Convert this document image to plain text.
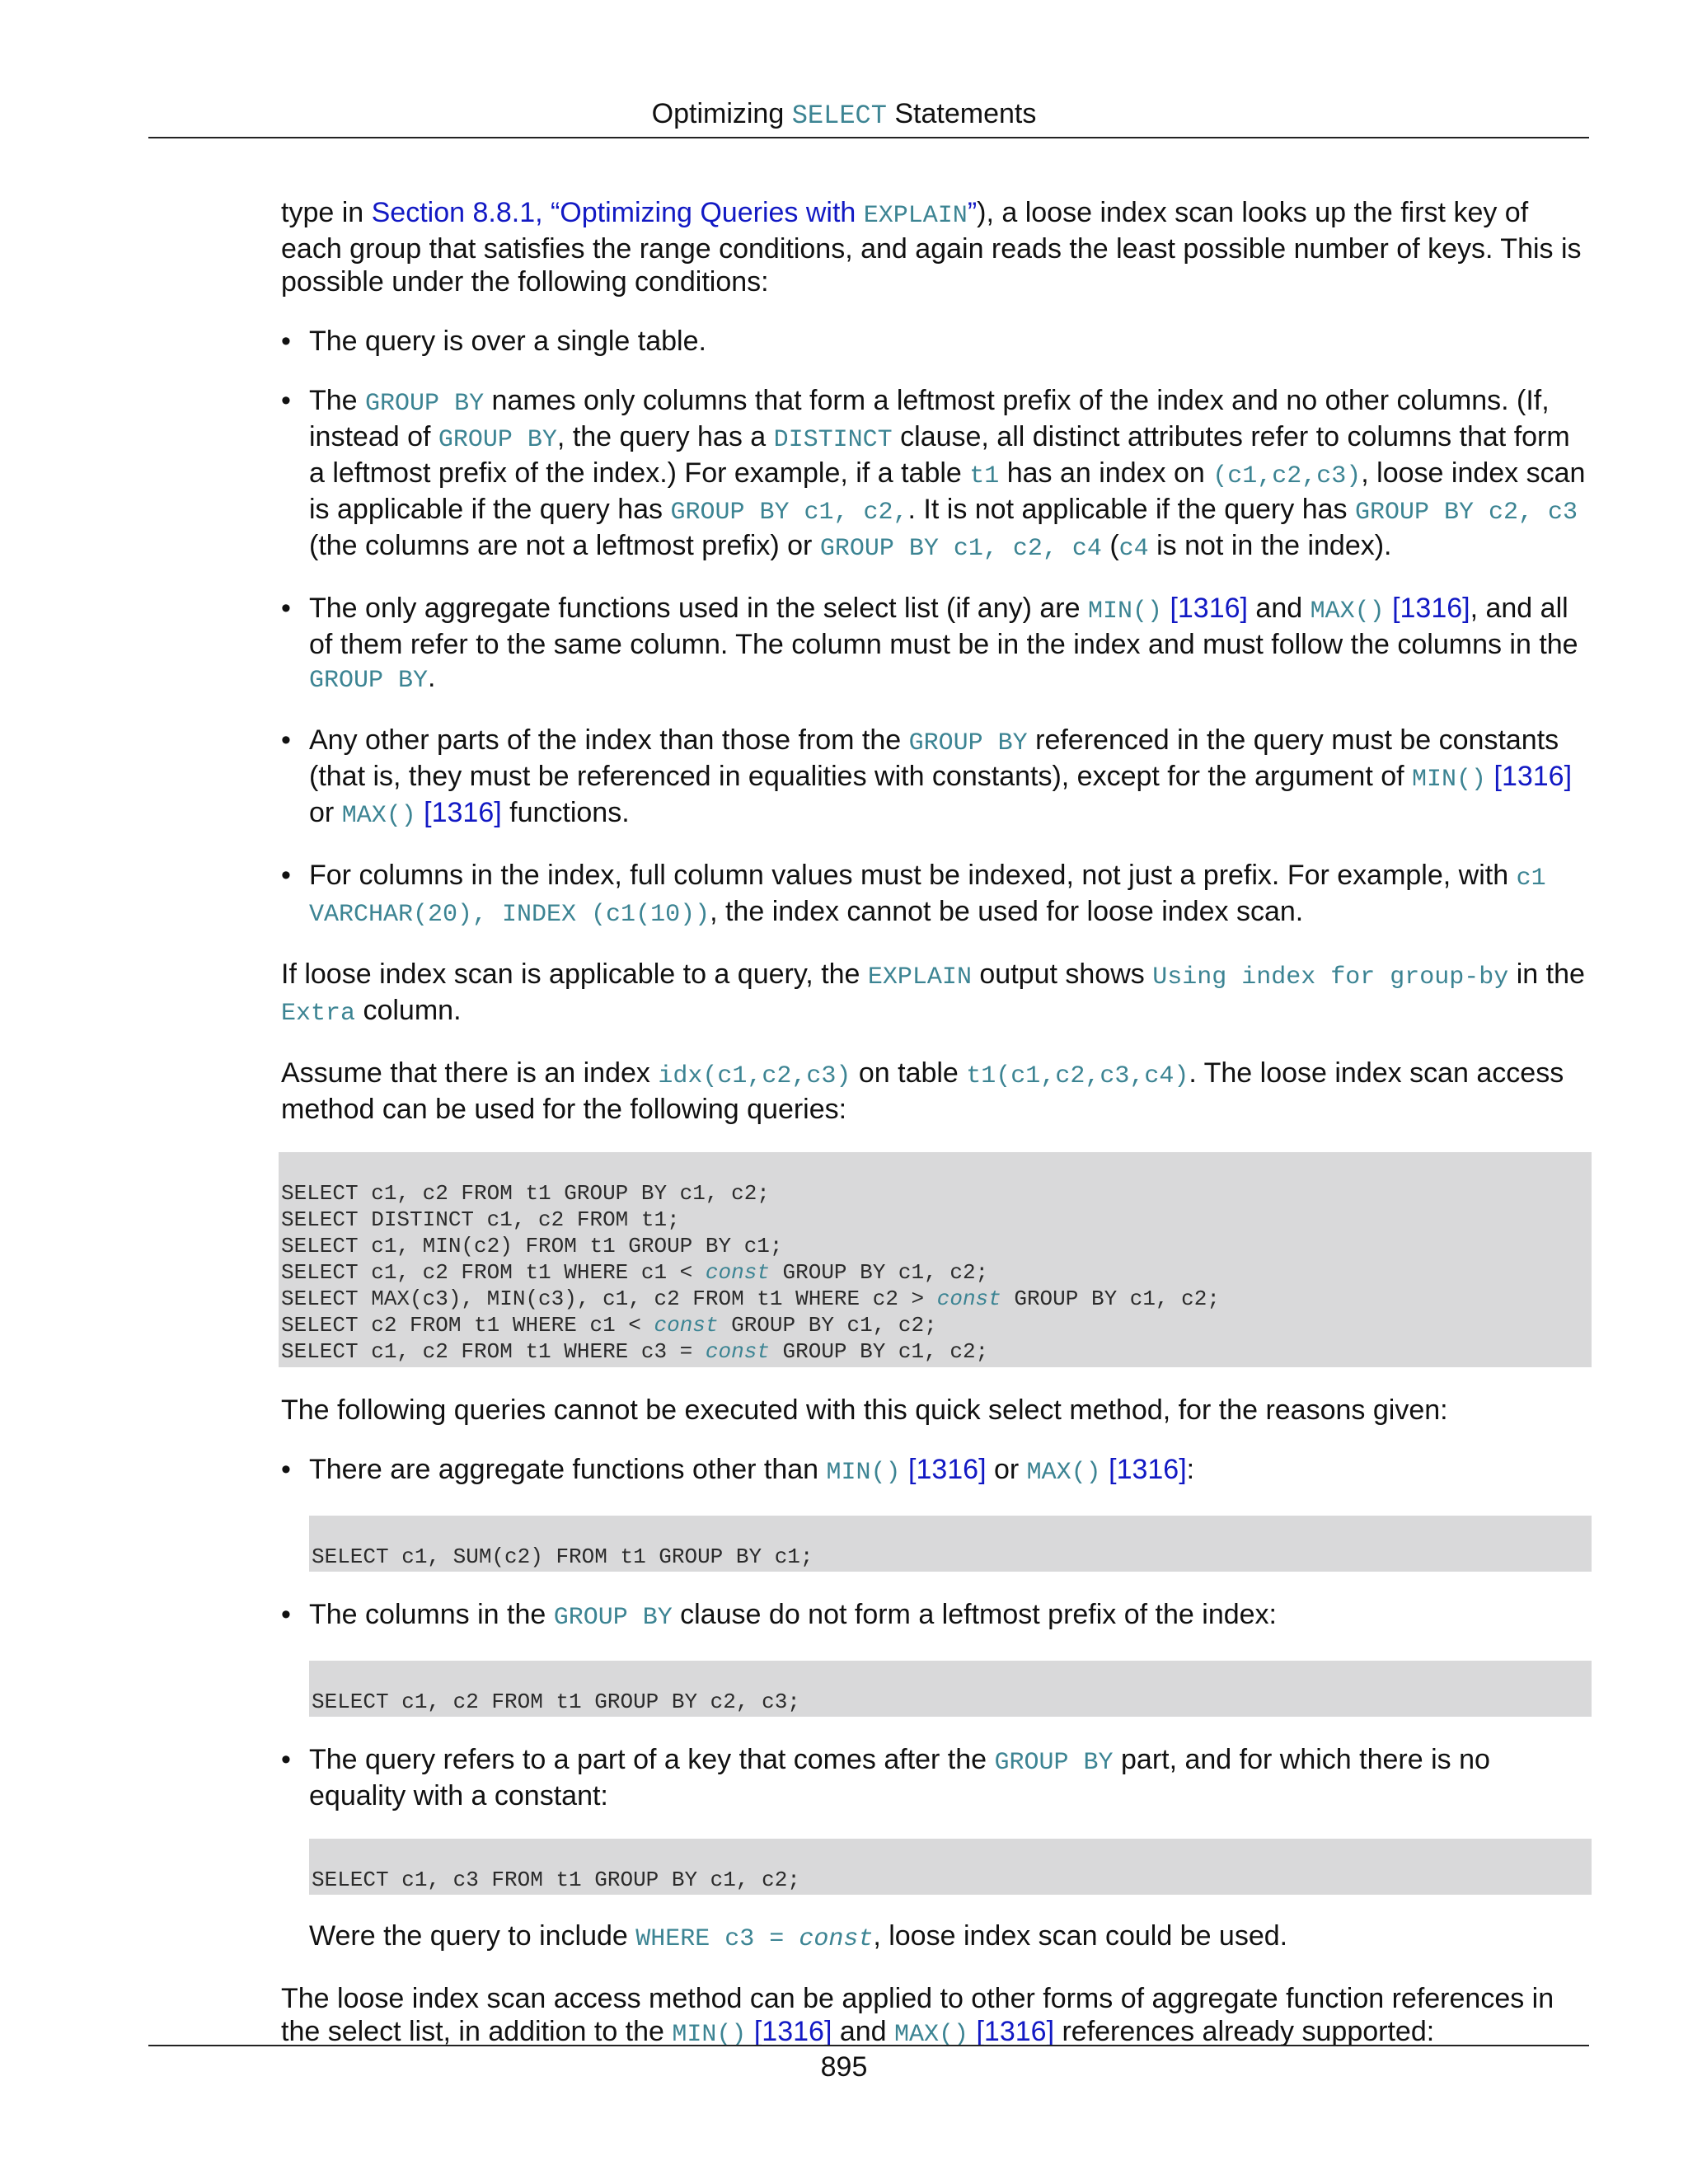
Optimizing SELECT Statements

type in Section 8.8.1, “Optimizing Queries with EXPLAIN”), a loose index scan looks up the first key of each group that satisfies the range conditions, and again reads the least possible number of keys. This is possible under the following conditions:

• The query is over a single table.

• The GROUP BY names only columns that form a leftmost prefix of the index and no other columns. (If, instead of GROUP BY, the query has a DISTINCT clause, all distinct attributes refer to columns that form a leftmost prefix of the index.) For example, if a table t1 has an index on (c1,c2,c3), loose index scan is applicable if the query has GROUP BY c1, c2,. It is not applicable if the query has GROUP BY c2, c3 (the columns are not a leftmost prefix) or GROUP BY c1, c2, c4 (c4 is not in the index).

• The only aggregate functions used in the select list (if any) are MIN() [1316] and MAX() [1316], and all of them refer to the same column. The column must be in the index and must follow the columns in the GROUP BY.

• Any other parts of the index than those from the GROUP BY referenced in the query must be constants (that is, they must be referenced in equalities with constants), except for the argument of MIN() [1316] or MAX() [1316] functions.

• For columns in the index, full column values must be indexed, not just a prefix. For example, with c1 VARCHAR(20), INDEX (c1(10)), the index cannot be used for loose index scan.

If loose index scan is applicable to a query, the EXPLAIN output shows Using index for group-by in the Extra column.

Assume that there is an index idx(c1,c2,c3) on table t1(c1,c2,c3,c4). The loose index scan access method can be used for the following queries:

SELECT c1, c2 FROM t1 GROUP BY c1, c2;
SELECT DISTINCT c1, c2 FROM t1;
SELECT c1, MIN(c2) FROM t1 GROUP BY c1;
SELECT c1, c2 FROM t1 WHERE c1 < const GROUP BY c1, c2;
SELECT MAX(c3), MIN(c3), c1, c2 FROM t1 WHERE c2 > const GROUP BY c1, c2;
SELECT c2 FROM t1 WHERE c1 < const GROUP BY c1, c2;
SELECT c1, c2 FROM t1 WHERE c3 = const GROUP BY c1, c2;

The following queries cannot be executed with this quick select method, for the reasons given:

• There are aggregate functions other than MIN() [1316] or MAX() [1316]:

SELECT c1, SUM(c2) FROM t1 GROUP BY c1;
• The columns in the GROUP BY clause do not form a leftmost prefix of the index:

SELECT c1, c2 FROM t1 GROUP BY c2, c3;
• The query refers to a part of a key that comes after the GROUP BY part, and for which there is no equality with a constant:

SELECT c1, c3 FROM t1 GROUP BY c1, c2;

Were the query to include WHERE c3 = const, loose index scan could be used.

The loose index scan access method can be applied to other forms of aggregate function references in the select list, in addition to the MIN() [1316] and MAX() [1316] references already supported:

895
